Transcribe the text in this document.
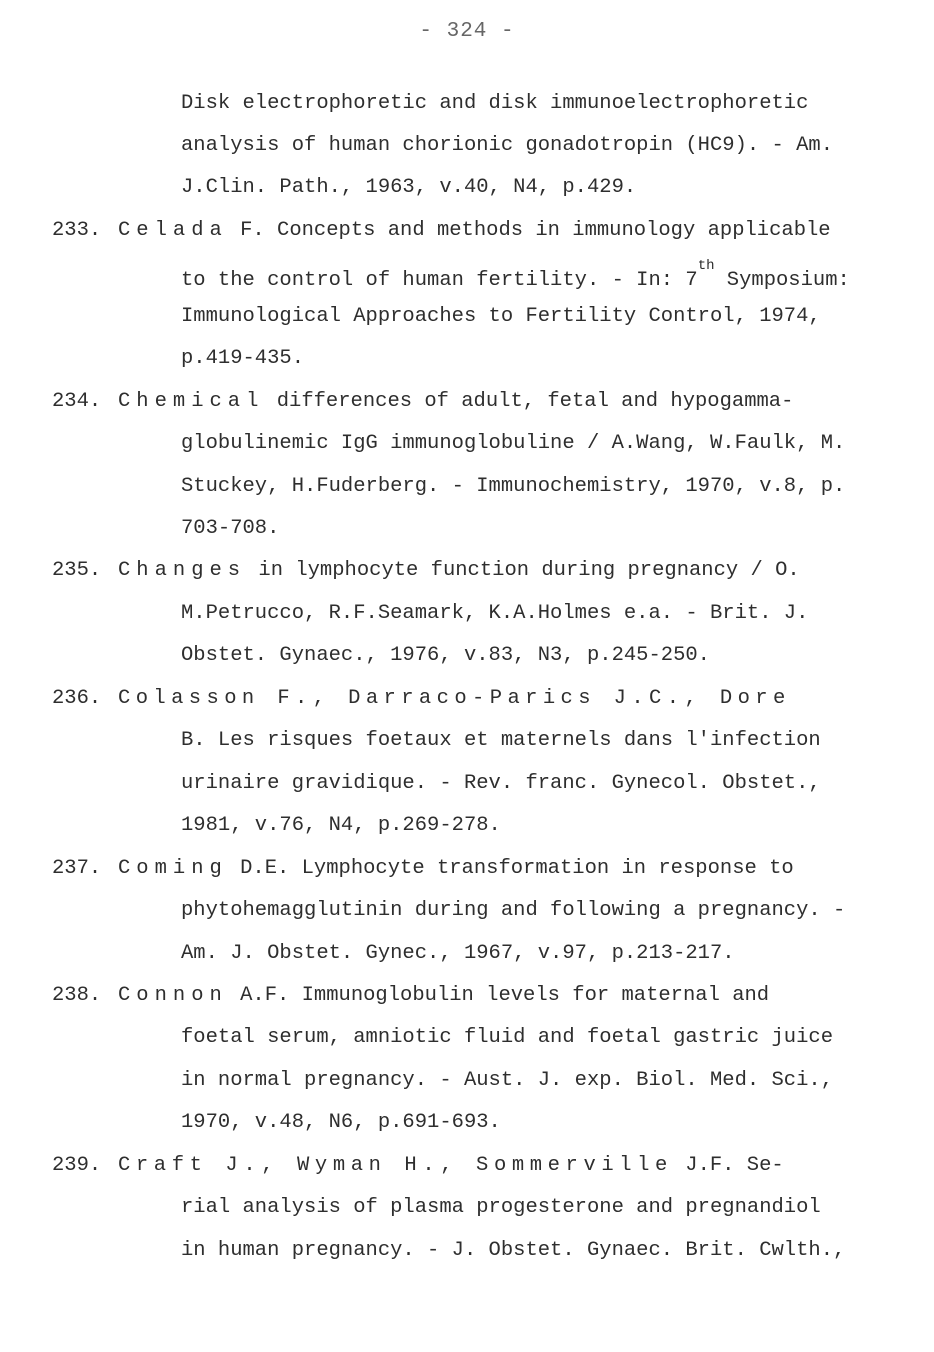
- 324 -
Disk electrophoretic and disk immunoelectrophoretic
analysis of human chorionic gonadotropin (HC9). - Am.
J.Clin. Path., 1963, v.40, N4, p.429.
233. Celada F. Concepts and methods in immunology applicable
to the control of human fertility. - In: 7th Symposium:
Immunological Approaches to Fertility Control, 1974,
p.419-435.
234. Chemical differences of adult, fetal and hypogamma-
globulinemic IgG immunoglobuline / A.Wang, W.Faulk, M.
Stuckey, H.Fuderberg. - Immunochemistry, 1970, v.8, p.
703-708.
235. Changes in lymphocyte function during pregnancy / O.
M.Petrucco, R.F.Seamark, K.A.Holmes e.a. - Brit. J.
Obstet. Gynaec., 1976, v.83, N3, p.245-250.
236. Colasson F., Darraco-Parics J.C., Dore
B. Les risques foetaux et maternels dans l'infection
urinaire gravidique. - Rev. franc. Gynecol. Obstet.,
1981, v.76, N4, p.269-278.
237. Coming D.E. Lymphocyte transformation in response to
phytohemagglutinin during and following a pregnancy. -
Am. J. Obstet. Gynec., 1967, v.97, p.213-217.
238. Connon A.F. Immunoglobulin levels for maternal and
foetal serum, amniotic fluid and foetal gastric juice
in normal pregnancy. - Aust. J. exp. Biol. Med. Sci.,
1970, v.48, N6, p.691-693.
239. Craft J., Wyman H., Sommerville J.F. Se-
rial analysis of plasma progesterone and pregnandiol
in human pregnancy. - J. Obstet. Gynaec. Brit. Cwlth.,
